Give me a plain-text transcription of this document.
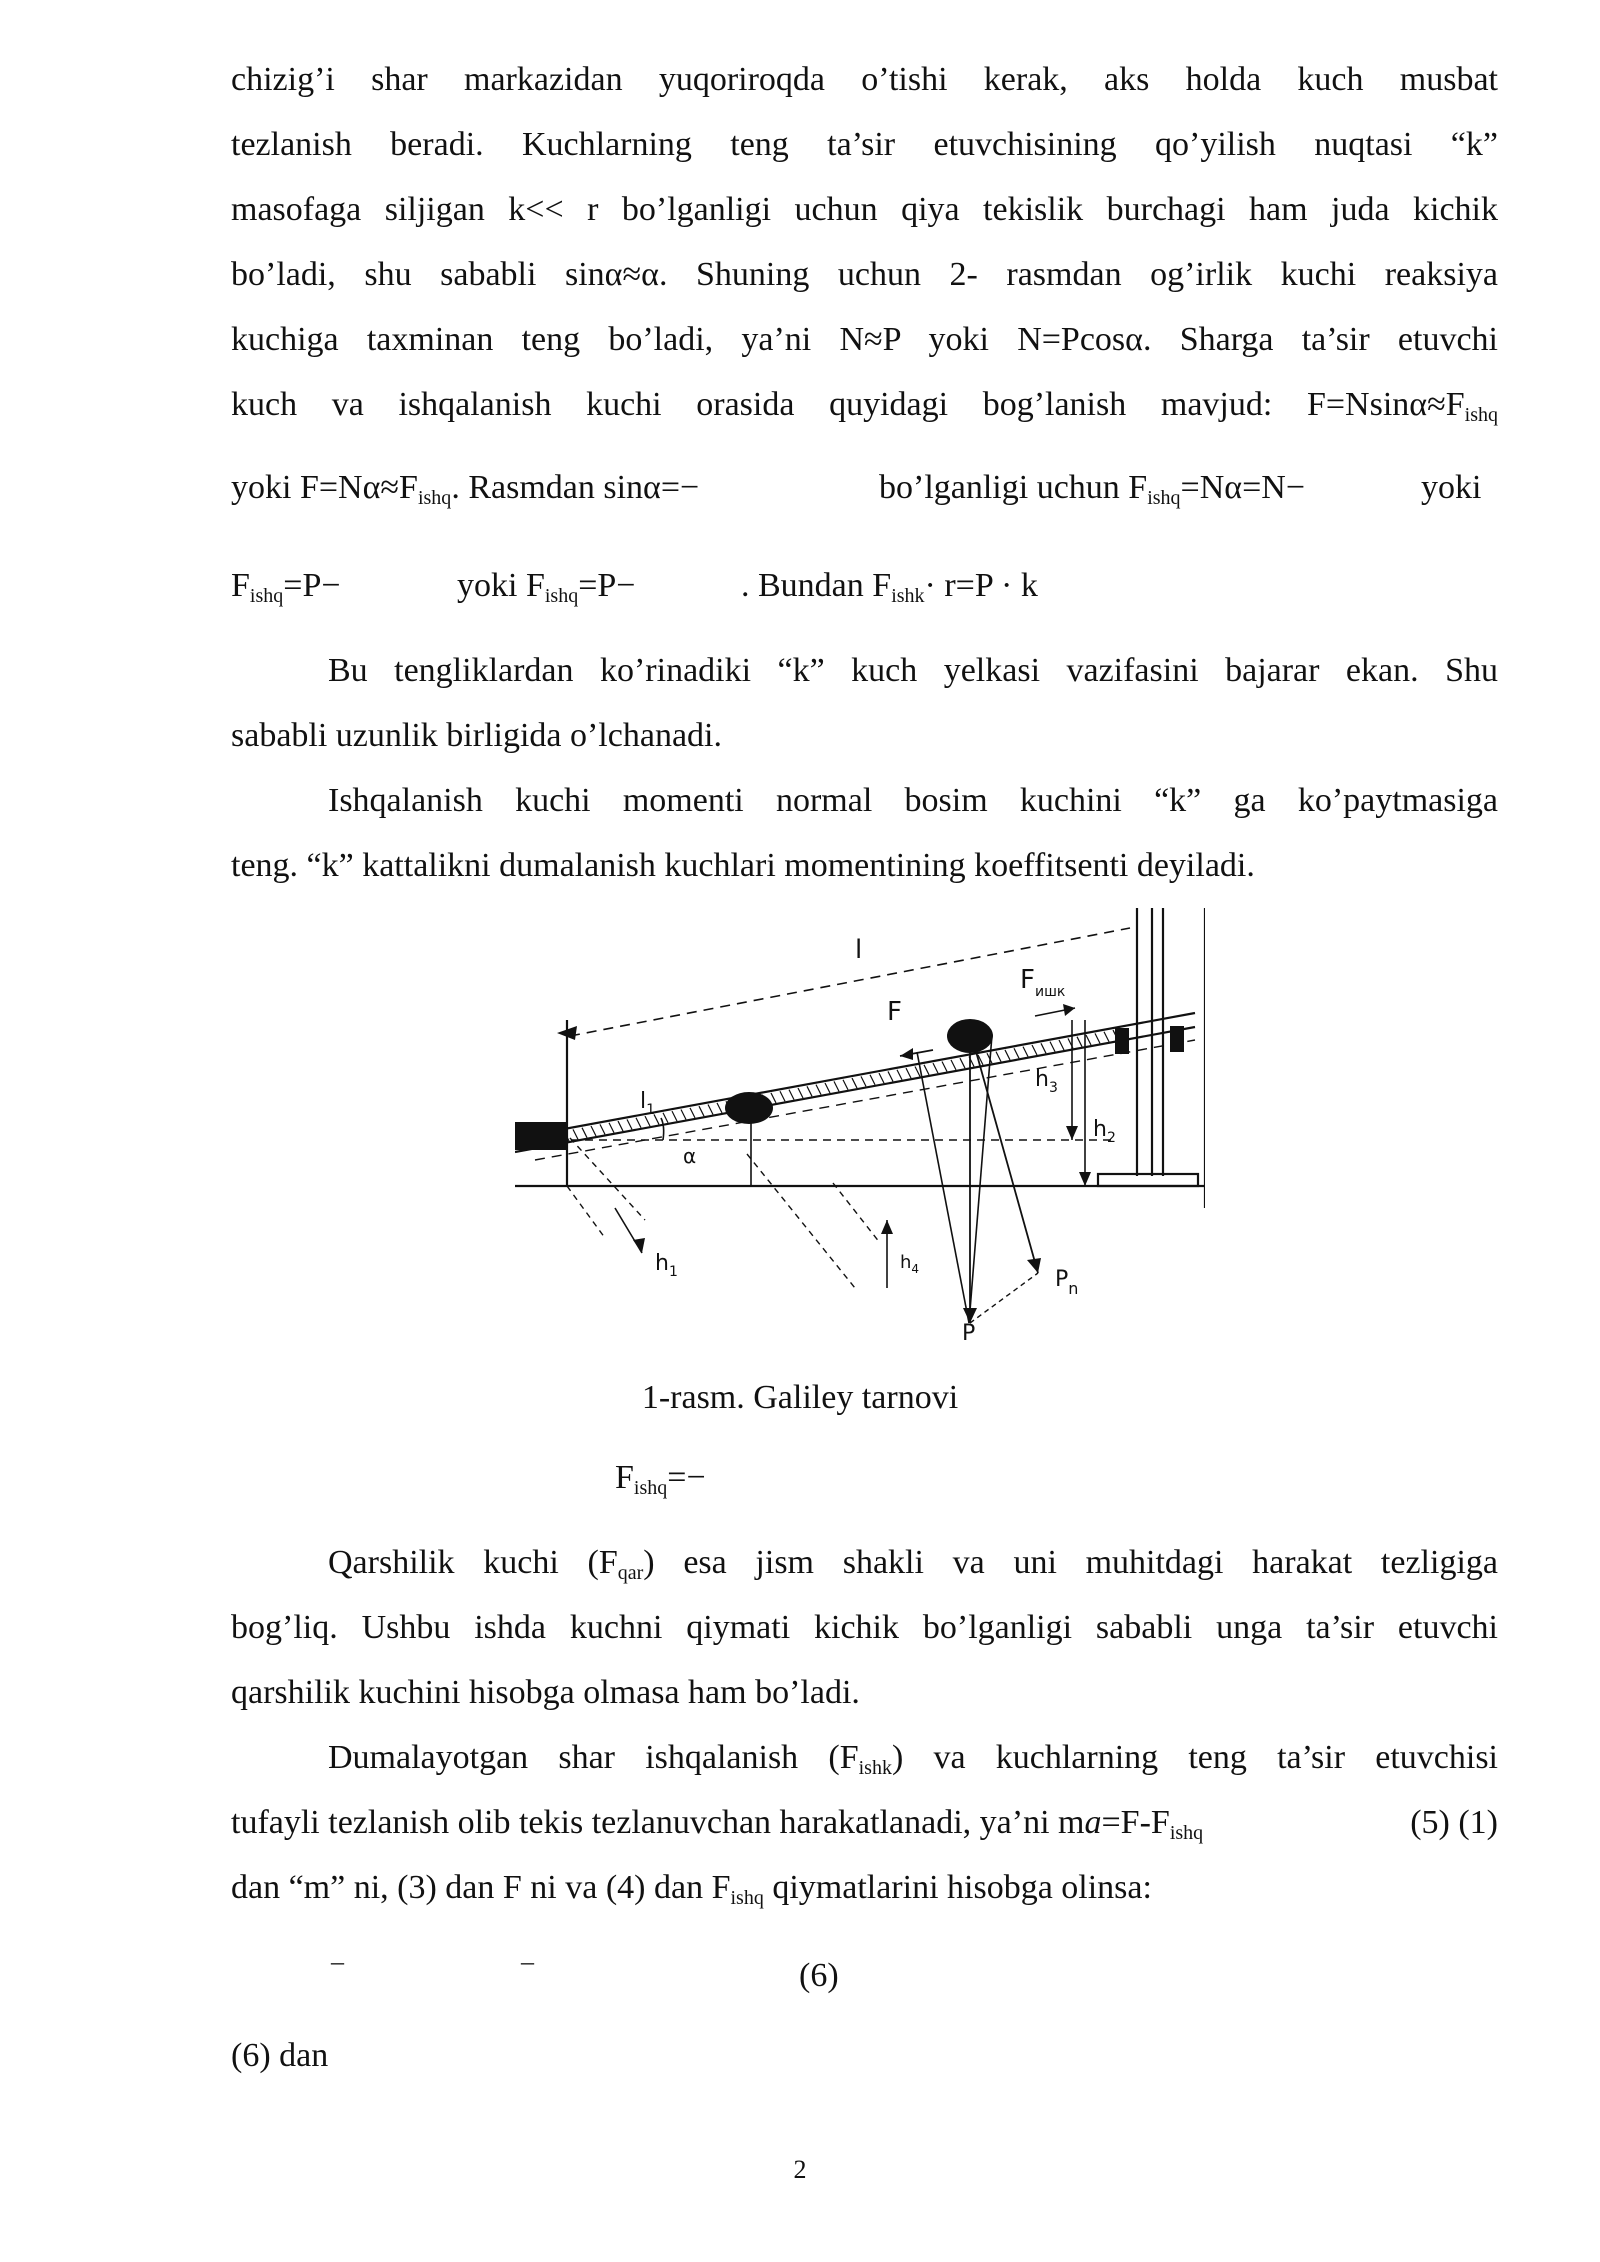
chizig’i shar markazidan yuqoriroqda o’tishi kerak, aks holda kuch musbat
tezlanish beradi. Kuchlarning teng ta’sir etuvchisining qo’yilish nuqtasi “k”
masofaga siljigan k<< r bo’lganligi uchun qiya tekislik burchagi ham juda kichik
bo’ladi, shu sababli sinα≈α. Shuning uchun 2- rasmdan og’irlik kuchi reaksiya
kuchiga taxminan teng bo’ladi, ya’ni N≈P yoki N=Pcosα. Sharga ta’sir etuvchi
kuch va ishqalanish kuchi orasida quyidagi bog’lanish mavjud: $F=Nsin\alpha\approx F_{ishq}$
yoki $F=N\alpha\approx F_{ishq}$. Rasmdan sinα=−	bo’lganligi uchun $F_{ishq}=N\alpha=N-$	yoki
$F_{ishq}=P-$	yoki $F_{ishq}=P-$	. Bundan $F_{ishk}\cdot r=P \cdot k$
Bu tengliklardan ko’rinadiki “k” kuch yelkasi vazifasini bajarar ekan. Shu
sababli uzunlik birligida o’lchanadi.
Ishqalanish kuchi momenti normal bosim kuchini “k” ga ko’paytmasiga
teng. “k” kattalikni dumalanish kuchlari momentining koeffitsenti deyiladi.
l
F
$F_{ишк}$
$l_1$
α
$h_1$	$h_4$
$h_3$
$h_2$
P
$P_n$
1-rasm. Galiley tarnovi
$F_{ishq}=-$
Qarshilik kuchi $(F_{qar})$ esa jism shakli va uni muhitdagi harakat tezligiga
bog’liq. Ushbu ishda kuchni qiymati kichik bo’lganligi sababli unga ta’sir etuvchi
qarshilik kuchini hisobga olmasa ham bo’ladi.
Dumalayotgan shar ishqalanish $(F_{ishk})$ va kuchlarning teng ta’sir etuvchisi
tufayli tezlanish olib tekis tezlanuvchan harakatlanadi, ya’ni $ma=F-F_{ishq}$	(5) (1)
dan “m” ni, (3) dan F ni va (4) dan $F_{ishq}$ qiymatlarini hisobga olinsa:
–	–	(6)
(6) dan
2
